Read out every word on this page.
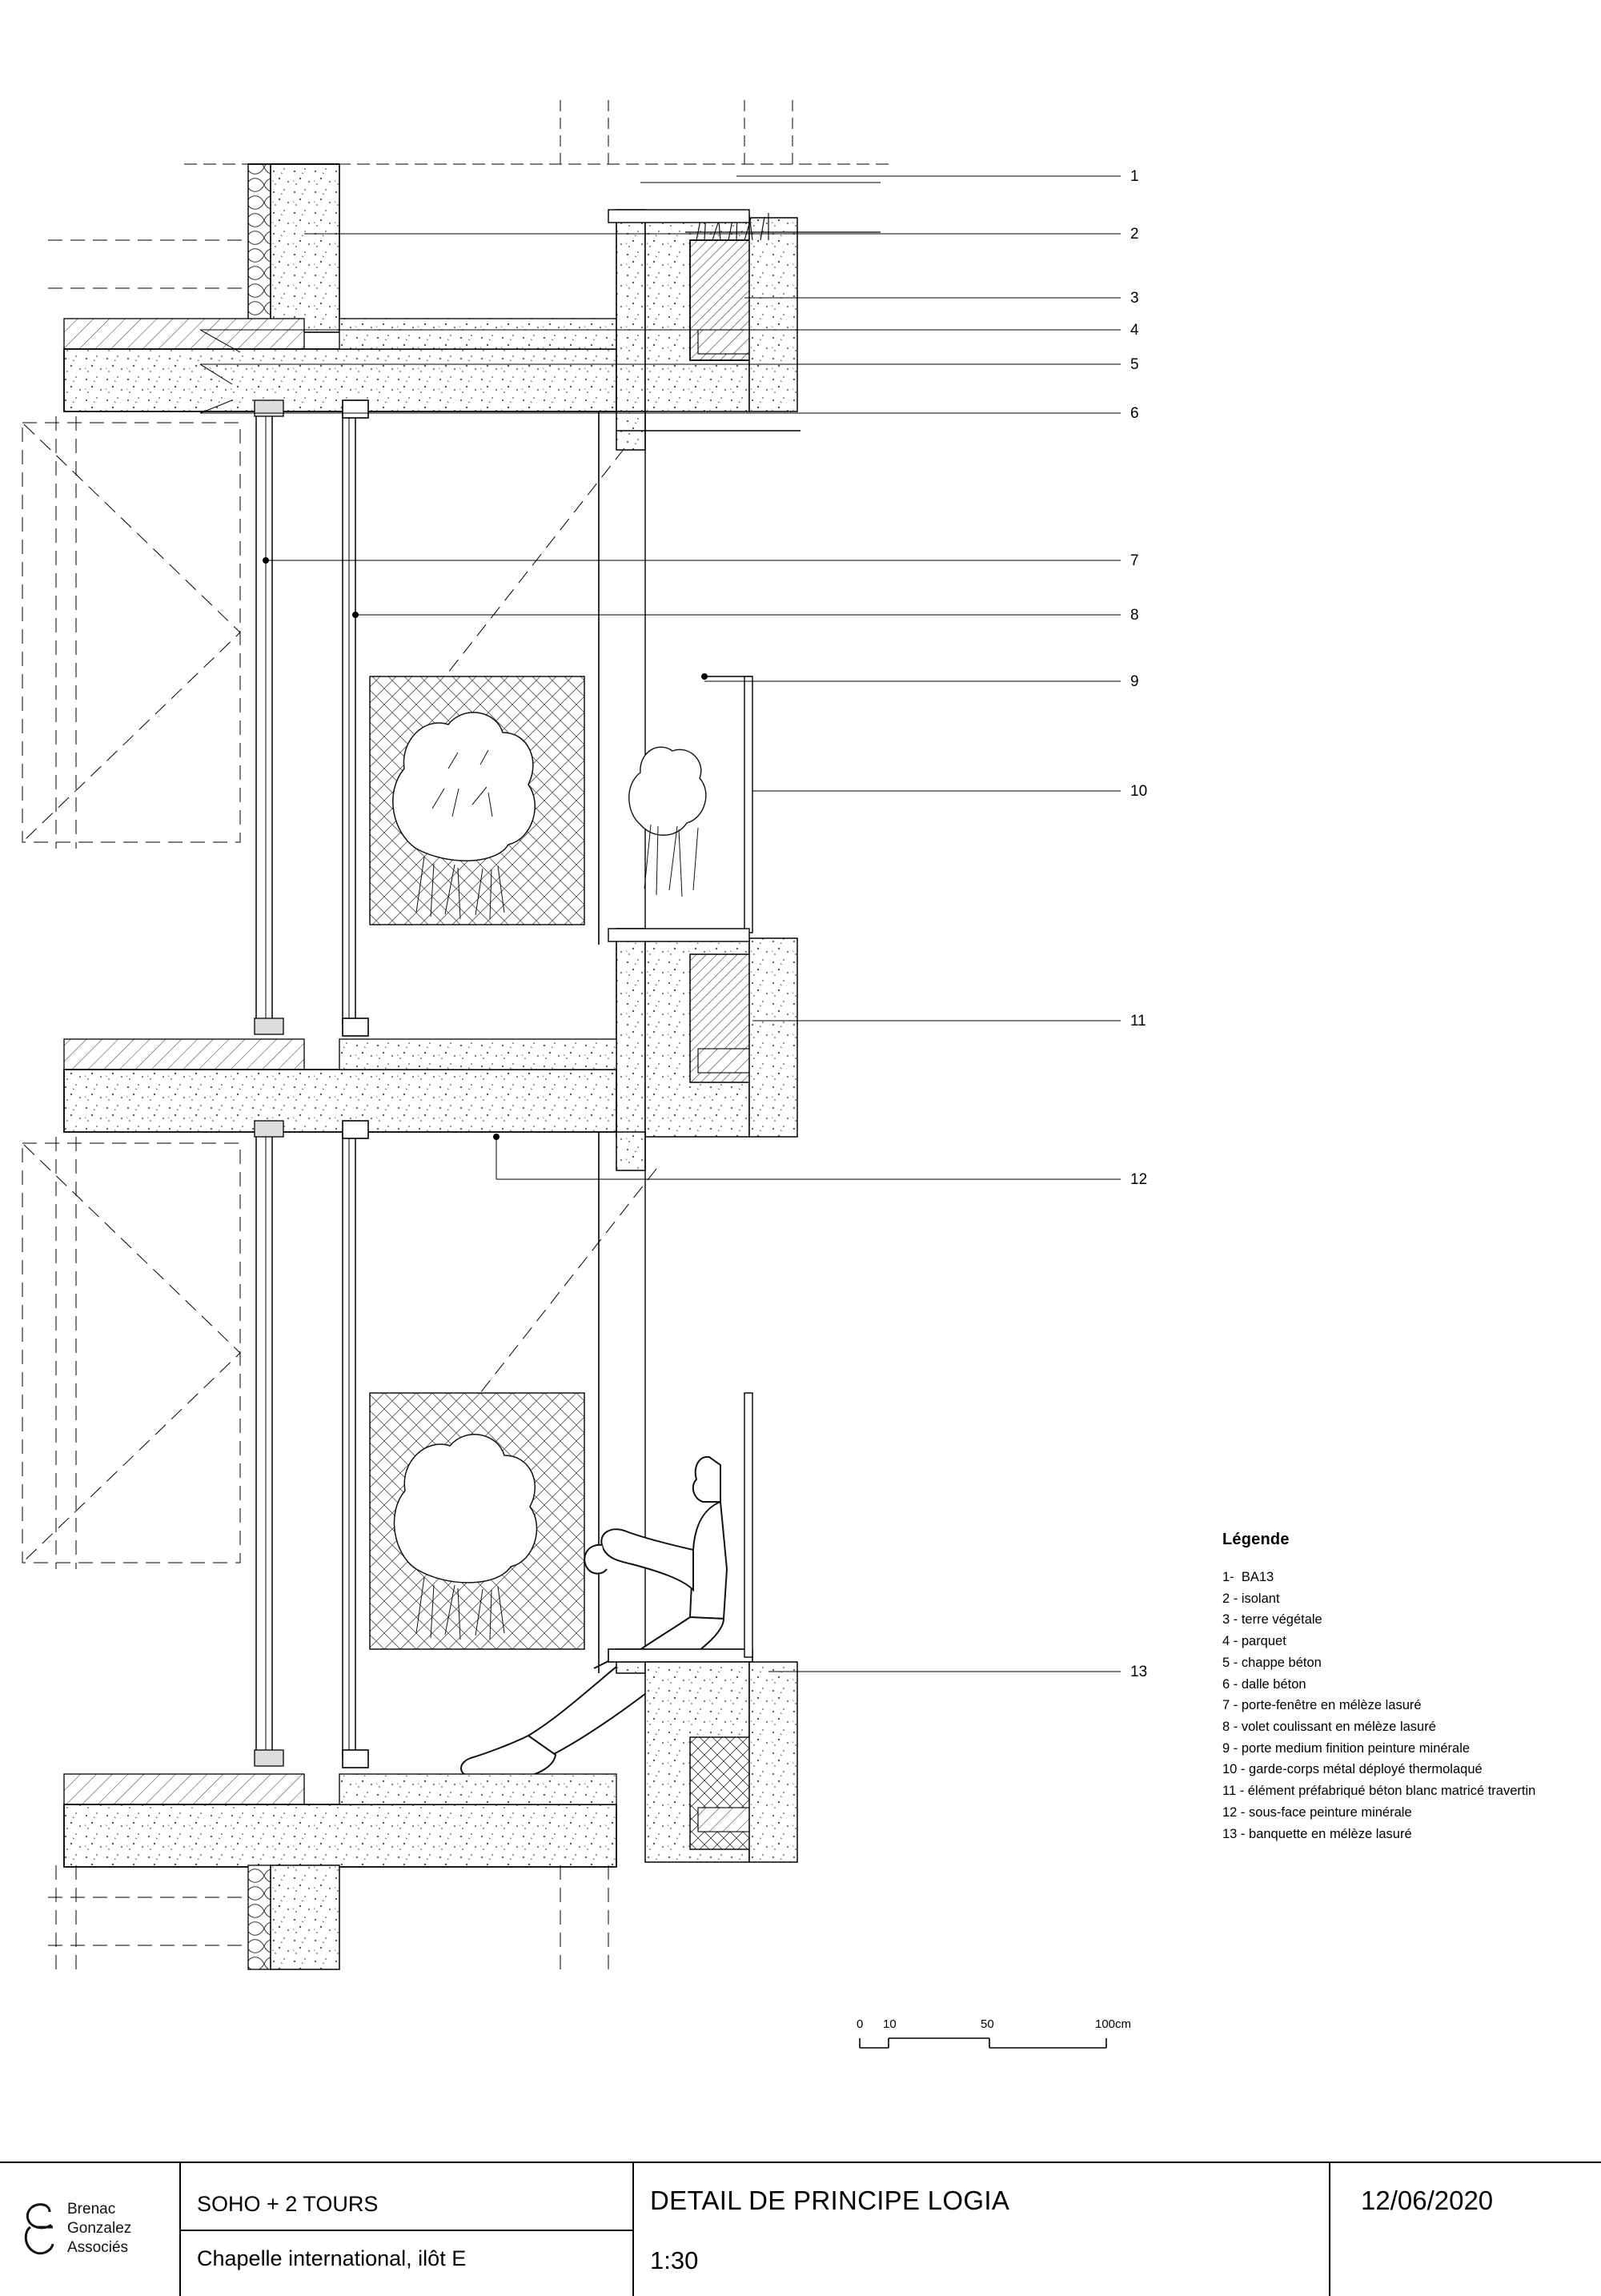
1
2
3
4
5
6
7
8
9
10
11
12
13
Légende
1-  BA13
2 - isolant
3 - terre végétale
4 - parquet
5 - chappe béton
6 - dalle béton
7 - porte-fenêtre en mélèze lasuré
8 - volet coulissant en mélèze lasuré
9 - porte medium finition peinture minérale
10 - garde-corps métal déployé thermolaqué
11 - élément préfabriqué béton blanc matricé travertin
12 - sous-face peinture minérale
13 - banquette en mélèze lasuré
0 10	50	100cm
Brenac
Gonzalez
Associés
SOHO + 2 TOURS
Chapelle international, ilôt E
DETAIL DE PRINCIPE LOGIA
1:30
12/06/2020
